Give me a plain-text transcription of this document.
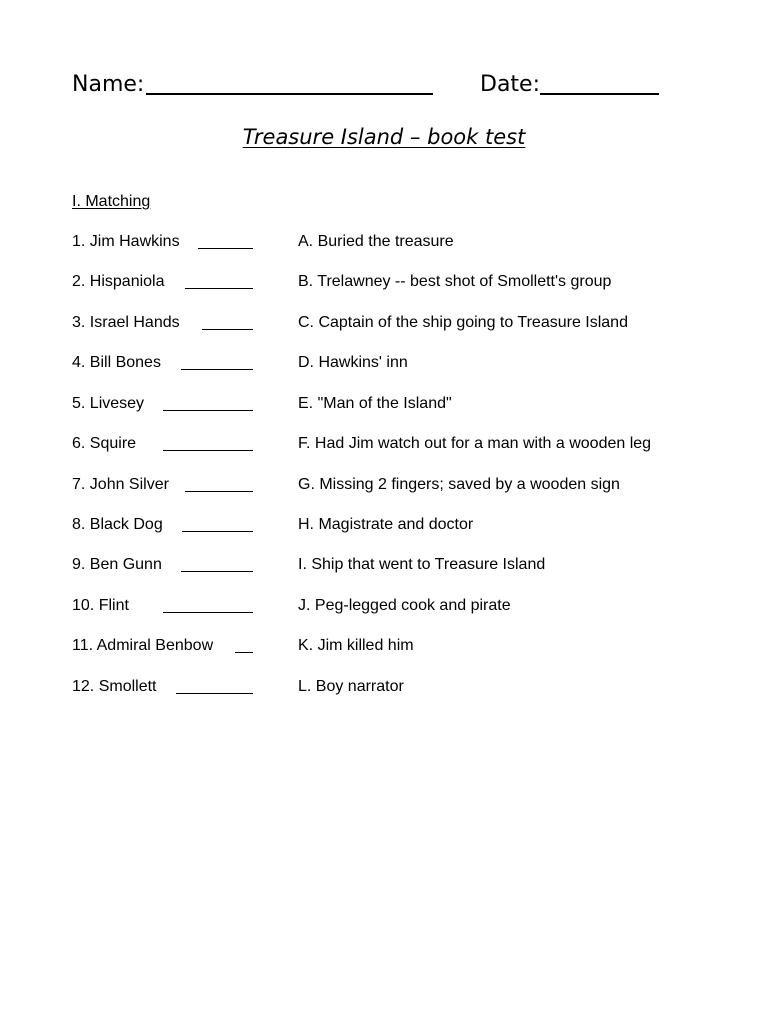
Name:	Date:
Treasure Island – book test
I. Matching
1. Jim Hawkins	A. Buried the treasure
2. Hispaniola	B. Trelawney -- best shot of Smollett's group
3. Israel Hands	C. Captain of the ship going to Treasure Island
4. Bill Bones	D. Hawkins' inn
5. Livesey	E. "Man of the Island"
6. Squire	F. Had Jim watch out for a man with a wooden leg
7. John Silver	G. Missing 2 fingers; saved by a wooden sign
8. Black Dog	H. Magistrate and doctor
9. Ben Gunn	I. Ship that went to Treasure Island
10. Flint	J. Peg-legged cook and pirate
11. Admiral Benbow	K. Jim killed him
12. Smollett	L. Boy narrator
